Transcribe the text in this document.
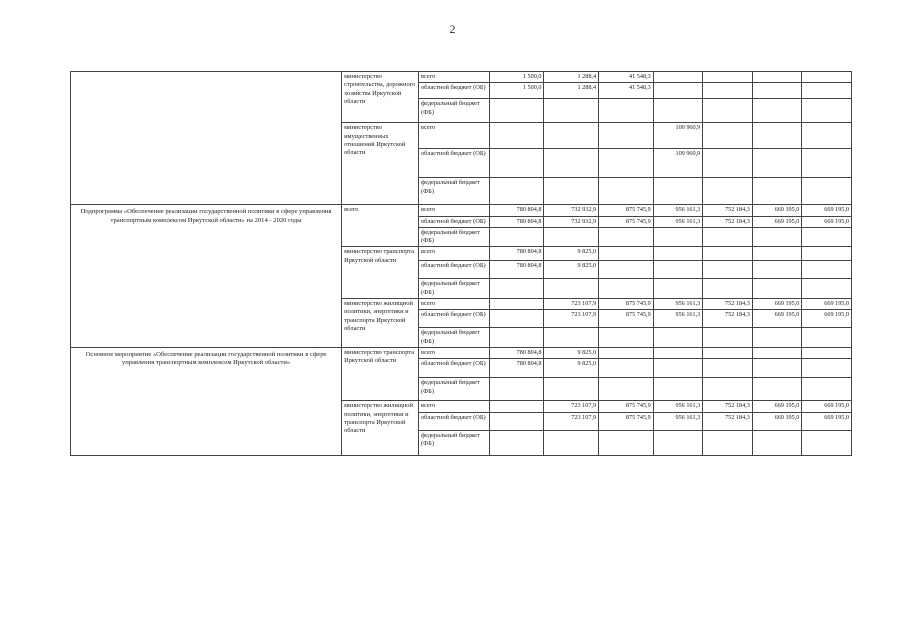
2
	министерство строительства, дорожного хозяйства Иркутской области	всего	1 500,0	1 288,4	41 548,3				
		областной бюджет (ОБ)	1 500,0	1 288,4	41 548,3				
		федеральный бюджет (ФБ)							
	министерство имущественных отношений Иркутской области	всего				109 960,9			
		областной бюджет (ОБ)				109 960,9			
		федеральный бюджет (ФБ)							
Подпрограмма «Обеспечение реализации государственной политики в сфере управления транспортным комплексом Иркутской области» на 2014 - 2020 годы	всего	всего	780 804,8	732 932,9	875 745,9	956 161,3	752 184,3	669 195,0	669 195,0
		областной бюджет (ОБ)	780 804,8	732 932,9	875 745,9	956 161,3	752 184,3	669 195,0	669 195,0
		федеральный бюджет (ФБ)							
	министерство транспорта Иркутской области	всего	780 804,8	9 825,0					
		областной бюджет (ОБ)	780 804,8	9 825,0					
		федеральный бюджет (ФБ)							
	министерство жилищной политики, энергетики и транспорта Иркутской области	всего		723 107,9	875 745,9	956 161,3	752 184,3	669 195,0	669 195,0
		областной бюджет (ОБ)		723 107,9	875 745,9	956 161,3	752 184,3	669 195,0	669 195,0
		федеральный бюджет (ФБ)							
Основное мероприятие «Обеспечение реализации государственной политики в сфере управления транспортным комплексом Иркутской области»	министерство транспорта Иркутской области	всего	780 804,8	9 825,0					
		областной бюджет (ОБ)	780 804,8	9 825,0					
		федеральный бюджет (ФБ)							
	министерство жилищной политики, энергетики и транспорта Иркутской области	всего		723 107,9	875 745,9	956 161,3	752 184,3	669 195,0	669 195,0
		областной бюджет (ОБ)		723 107,9	875 745,9	956 161,3	752 184,3	669 195,0	669 195,0
		федеральный бюджет (ФБ)							
